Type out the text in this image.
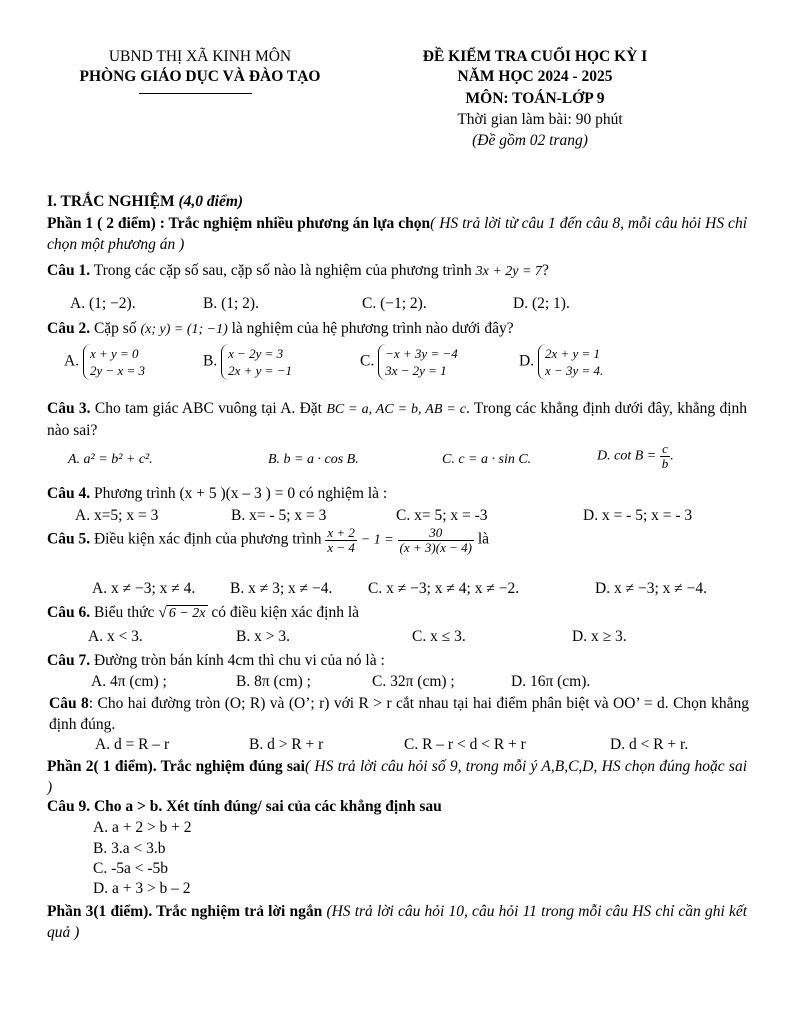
UBND THỊ XÃ KINH MÔN
PHÒNG GIÁO DỤC VÀ ĐÀO TẠO
ĐỀ KIỂM TRA CUỐI HỌC KỲ I
NĂM HỌC 2024 - 2025
MÔN: TOÁN-LỚP 9
Thời gian làm bài: 90 phút
(Đề gồm 02 trang)
I. TRẮC NGHIỆM (4,0 điểm)
Phần 1 ( 2 điểm) : Trắc nghiệm nhiều phương án lựa chọn( HS trả lời từ câu 1 đến câu 8, mỗi câu hỏi HS chỉ chọn một phương án )
Câu 1. Trong các cặp số sau, cặp số nào là nghiệm của phương trình 3x + 2y = 7?
A. (1; −2).	B. (1; 2).	C. (−1; 2).	D. (2; 1).
Câu 2. Cặp số (x; y) = (1; −1) là nghiệm của hệ phương trình nào dưới đây?
A. x + y = 0
2y − x = 3
B. x − 2y = 3
2x + y = −1
C. −x + 3y = −4
3x − 2y = 1
D. 2x + y = 1
x − 3y = 4.
Câu 3. Cho tam giác ABC vuông tại A. Đặt BC = a, AC = b, AB = c. Trong các khẳng định dưới đây, khẳng định nào sai?
A. a² = b² + c².	B. b = a · cos B.	C. c = a · sin C.	D. $\cot B = \frac{c}{b}$ .
Câu 4. Phương trình (x + 5 )(x – 3 ) = 0 có nghiệm là :
A. x=5; x = 3	B. x= - 5; x = 3	C. x= 5; x = -3	D. x = - 5; x = - 3
Câu 5. Điều kiện xác định của phương trình $\frac{x + 2}{x - 4} - 1 = \frac{30}{(x + 3)(x - 4)}$ là
A. x ≠ −3; x ≠ 4. B. x ≠ 3; x ≠ −4. C. x ≠ −3; x ≠ 4; x ≠ −2.	D. x ≠ −3; x ≠ −4.
Câu 6. Biểu thức √ 6 − 2x có điều kiện xác định là
A. x < 3.	B. x > 3.	C. x ≤ 3.	D. x ≥ 3.
Câu 7. Đường tròn bán kính 4cm thì chu vi của nó là :
A. 4π (cm) ;	B. 8π (cm) ;	C. 32π (cm) ;	D. 16π (cm).
Câu 8: Cho hai đường tròn (O; R) và (O’; r) với R > r cắt nhau tại hai điểm phân biệt và OO’ = d. Chọn khẳng định đúng.
A. d = R – r	B. d > R + r	C. R – r < d < R + r	D. d < R + r.
Phần 2( 1 điểm). Trắc nghiệm đúng sai( HS trả lời câu hỏi số 9, trong mỗi ý A,B,C,D, HS chọn đúng hoặc sai )
Câu 9. Cho a > b. Xét tính đúng/ sai của các khẳng định sau
A. a + 2 > b + 2
B. 3.a < 3.b
C. -5a < -5b
D. a + 3 > b – 2
Phần 3(1 điểm). Trắc nghiệm trả lời ngắn (HS trả lời câu hỏi 10, câu hỏi 11 trong mỗi câu HS chỉ cần ghi kết quả )
